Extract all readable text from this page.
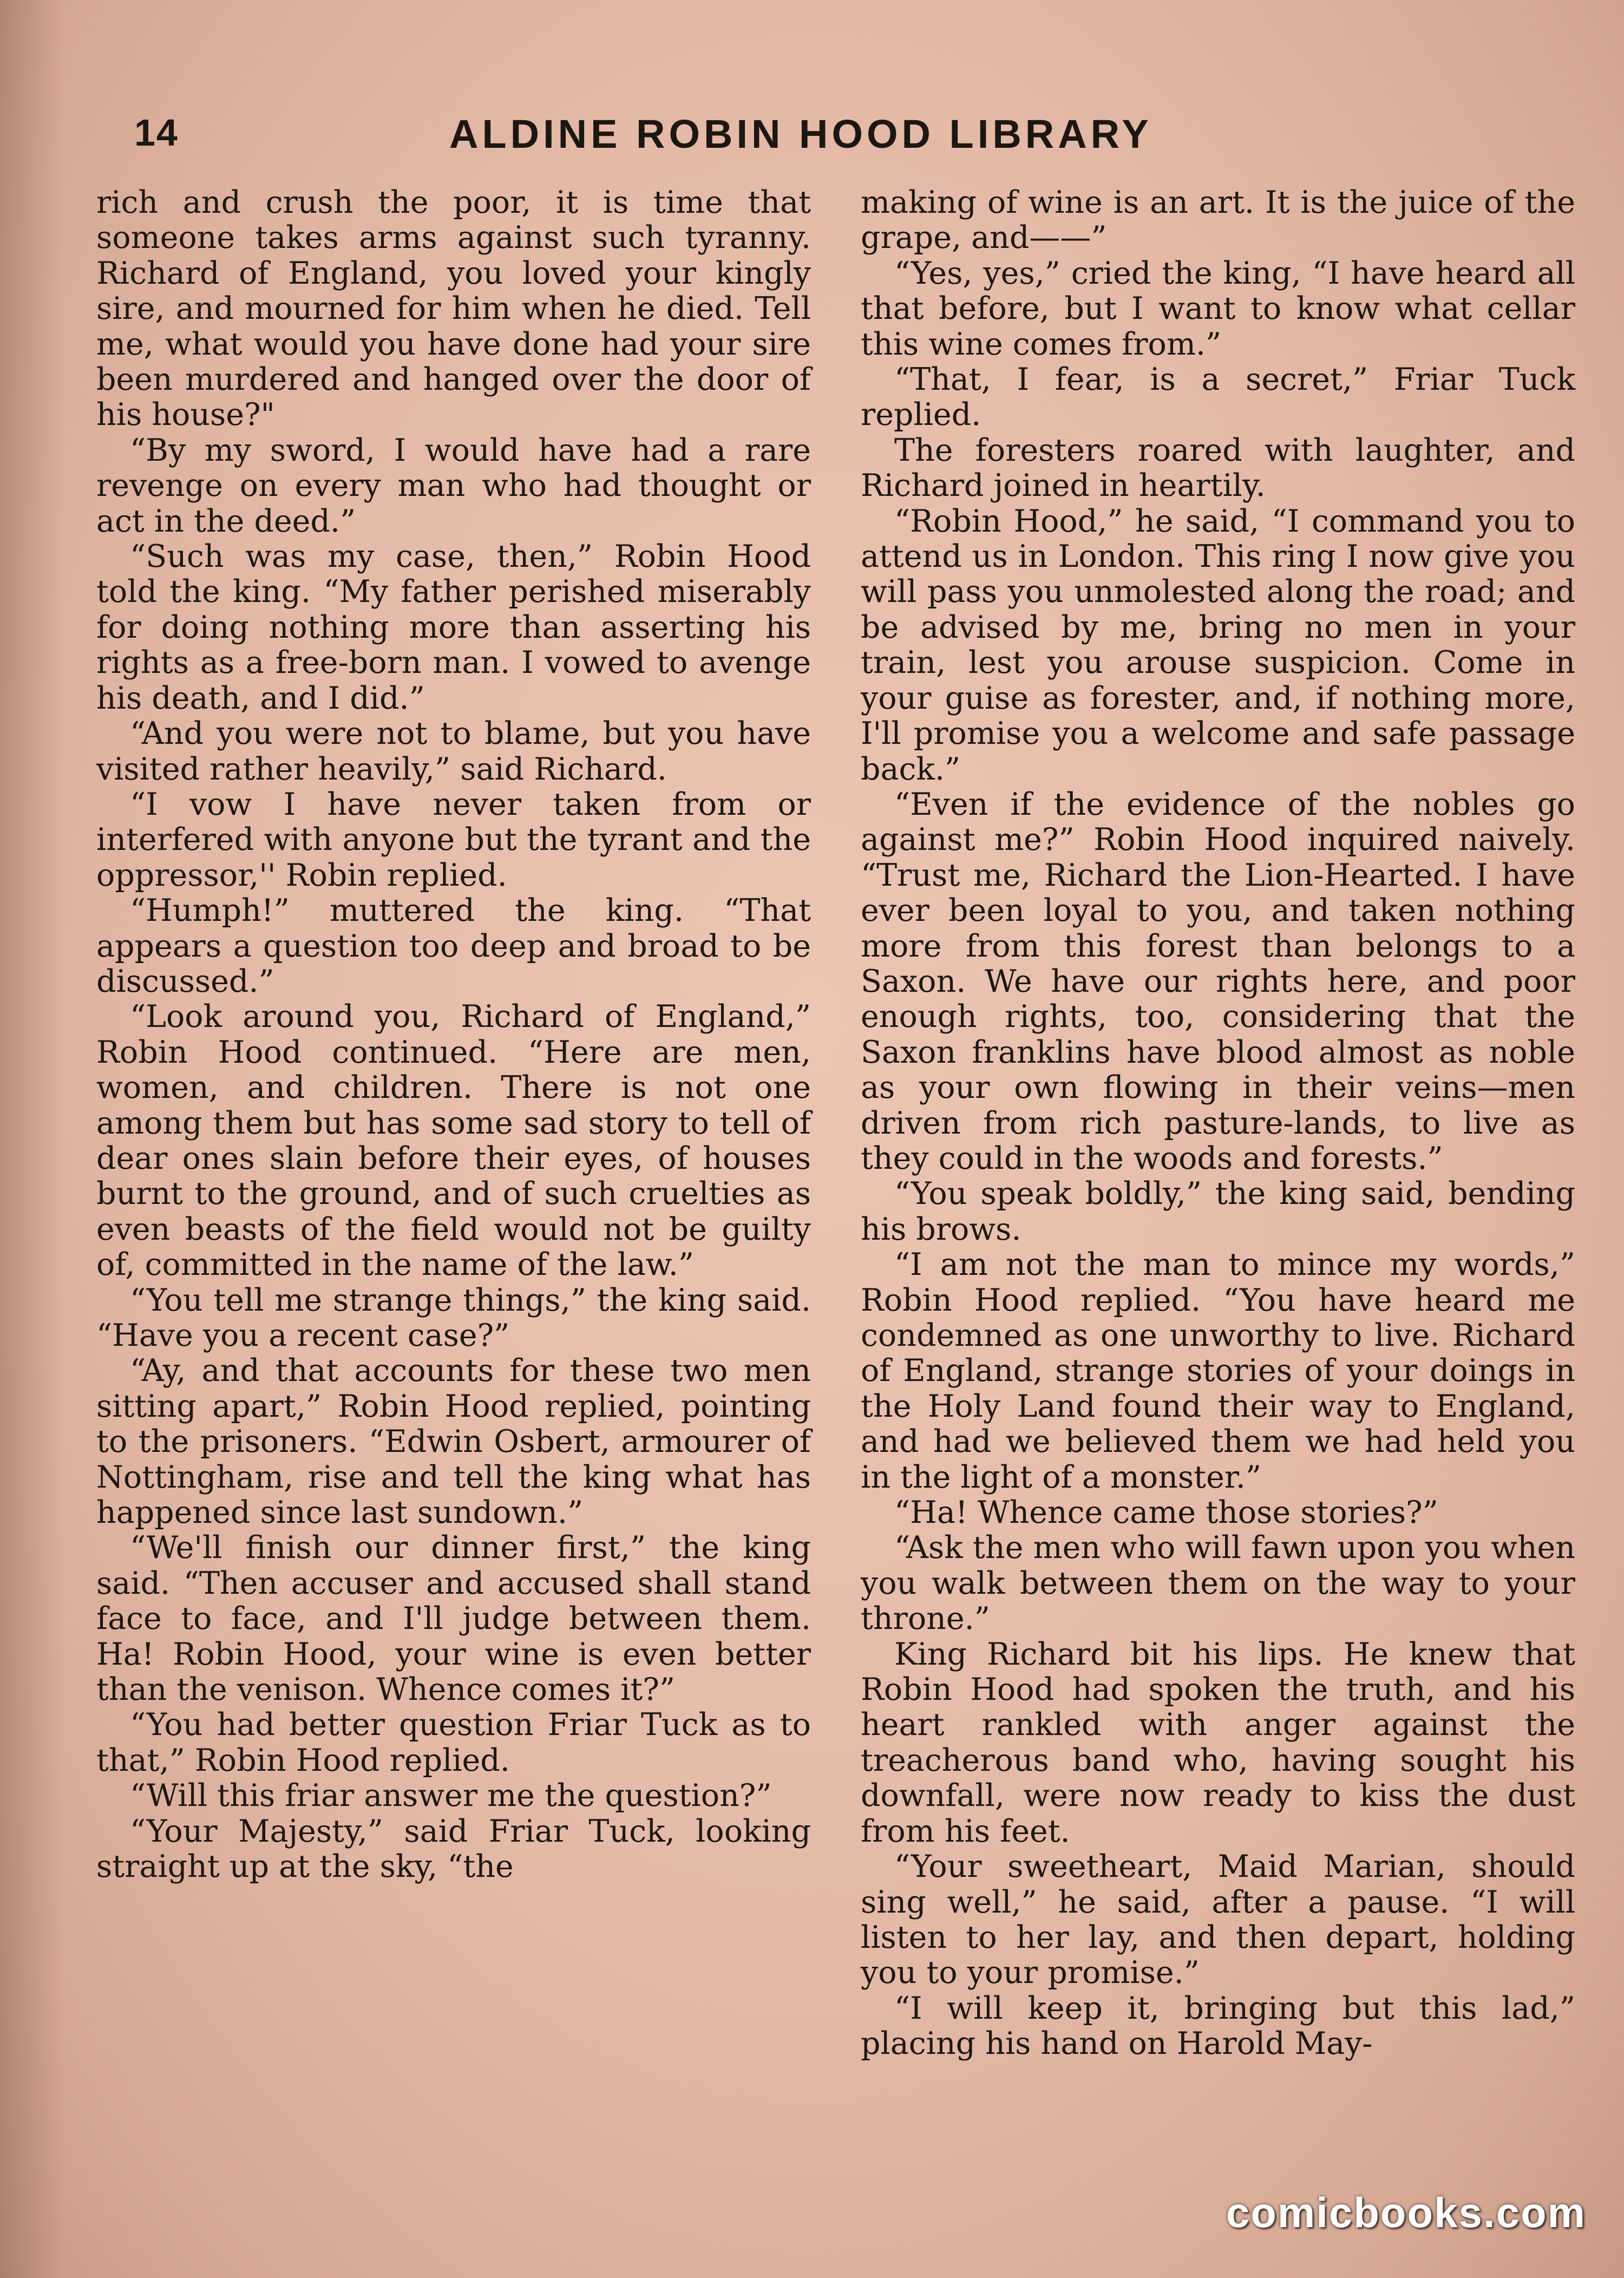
14	ALDINE ROBIN HOOD LIBRARY

rich and crush the poor, it is time that someone takes arms against such tyranny. Richard of England, you loved your kingly sire, and mourned for him when he died. Tell me, what would you have done had your sire been murdered and hanged over the door of his house?"

“By my sword, I would have had a rare revenge on every man who had thought or act in the deed.”

“Such was my case, then,” Robin Hood told the king. “My father perished miserably for doing nothing more than asserting his rights as a free-born man. I vowed to avenge his death, and I did.”

“And you were not to blame, but you have visited rather heavily,” said Richard.

“I vow I have never taken from or interfered with anyone but the tyrant and the oppressor,'' Robin replied.

“Humph!” muttered the king. “That appears a question too deep and broad to be discussed.”

“Look around you, Richard of England,” Robin Hood continued. “Here are men, women, and children. There is not one among them but has some sad story to tell of dear ones slain before their eyes, of houses burnt to the ground, and of such cruelties as even beasts of the field would not be guilty of, committed in the name of the law.”

“You tell me strange things,” the king said. “Have you a recent case?”

“Ay, and that accounts for these two men sitting apart,” Robin Hood replied, pointing to the prisoners. “Edwin Osbert, armourer of Nottingham, rise and tell the king what has happened since last sundown.”

“We'll finish our dinner first,” the king said. “Then accuser and accused shall stand face to face, and I'll judge between them. Ha! Robin Hood, your wine is even better than the venison. Whence comes it?”

“You had better question Friar Tuck as to that,” Robin Hood replied.

“Will this friar answer me the question?”

“Your Majesty,” said Friar Tuck, looking straight up at the sky, “the

making of wine is an art. It is the juice of the grape, and——”

“Yes, yes,” cried the king, “I have heard all that before, but I want to know what cellar this wine comes from.”

“That, I fear, is a secret,” Friar Tuck replied.

The foresters roared with laughter, and Richard joined in heartily.

“Robin Hood,” he said, “I command you to attend us in London. This ring I now give you will pass you unmolested along the road; and be advised by me, bring no men in your train, lest you arouse suspicion. Come in your guise as forester, and, if nothing more, I'll promise you a welcome and safe passage back.”

“Even if the evidence of the nobles go against me?” Robin Hood inquired naively. “Trust me, Richard the Lion-Hearted. I have ever been loyal to you, and taken nothing more from this forest than belongs to a Saxon. We have our rights here, and poor enough rights, too, considering that the Saxon franklins have blood almost as noble as your own flowing in their veins—men driven from rich pasture-lands, to live as they could in the woods and forests.”

“You speak boldly,” the king said, bending his brows.

“I am not the man to mince my words,” Robin Hood replied. “You have heard me condemned as one unworthy to live. Richard of England, strange stories of your doings in the Holy Land found their way to England, and had we believed them we had held you in the light of a monster.”

“Ha! Whence came those stories?”

“Ask the men who will fawn upon you when you walk between them on the way to your throne.”

King Richard bit his lips. He knew that Robin Hood had spoken the truth, and his heart rankled with anger against the treacherous band who, having sought his downfall, were now ready to kiss the dust from his feet.

“Your sweetheart, Maid Marian, should sing well,” he said, after a pause. “I will listen to her lay, and then depart, holding you to your promise.”

“I will keep it, bringing but this lad,” placing his hand on Harold May-

comicbooks.com
